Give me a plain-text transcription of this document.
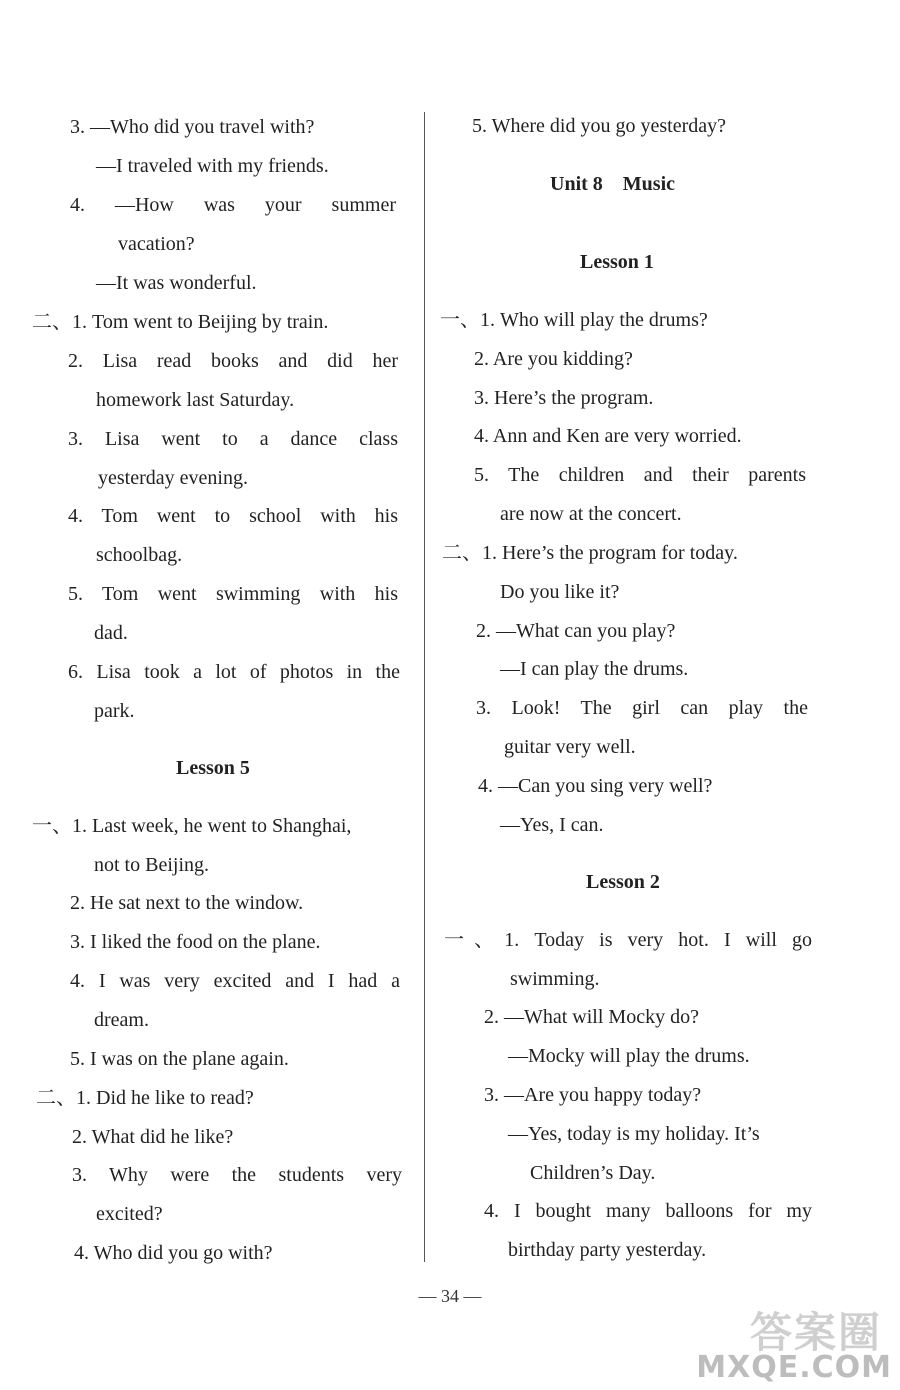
3. —Who did you travel with?
—I traveled with my friends.
4. —How was your summer
vacation?
—It was wonderful.
二、1. Tom went to Beijing by train.
2. Lisa read books and did her
homework last Saturday.
3. Lisa went to a dance class
yesterday evening.
4. Tom went to school with his
schoolbag.
5. Tom went swimming with his
dad.
6. Lisa took a lot of photos in the
park.
Lesson 5
一、1. Last week, he went to Shanghai,
not to Beijing.
2. He sat next to the window.
3. I liked the food on the plane.
4. I was very excited and I had a
dream.
5. I was on the plane again.
二、1. Did he like to read?
2. What did he like?
3. Why were the students very
excited?
4. Who did you go with?
5. Where did you go yesterday?
Unit 8    Music
Lesson 1
一、1. Who will play the drums?
2. Are you kidding?
3. Here’s the program.
4. Ann and Ken are very worried.
5. The children and their parents
are now at the concert.
二、1. Here’s the program for today.
Do you like it?
2. —What can you play?
—I can play the drums.
3. Look! The girl can play the
guitar very well.
4. —Can you sing very well?
—Yes, I can.
Lesson 2
一、1. Today is very hot. I will go
swimming.
2. —What will Mocky do?
—Mocky will play the drums.
3. —Are you happy today?
—Yes, today is my holiday. It’s
Children’s Day.
4. I bought many balloons for my
birthday party yesterday.
— 34 —
答案圈
MXQE.COM
